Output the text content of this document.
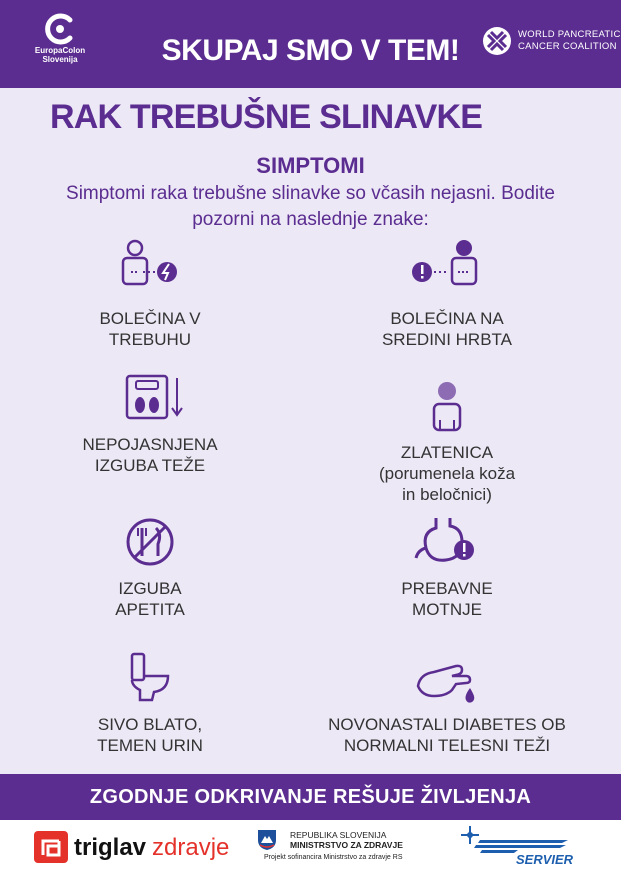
EuropaColon
Slovenija	SKUPAJ SMO V TEM!	WORLD PANCREATIC
CANCER COALITION
RAK TREBUŠNE SLINAVKE
SIMPTOMI
Simptomi raka trebušne slinavke so včasih nejasni. Bodite pozorni na naslednje znake:
BOLEČINA V
TREBUHU
BOLEČINA NA
SREDINI HRBTA
NEPOJASNJENA
IZGUBA TEŽE
ZLATENICA
(porumenela koža
in beločnici)
IZGUBA
APETITA
PREBAVNE
MOTNJE
SIVO BLATO,
TEMEN URIN
NOVONASTALI DIABETES OB
NORMALNI TELESNI TEŽI
ZGODNJE ODKRIVANJE REŠUJE ŽIVLJENJA
triglav zdravje	REPUBLIKA SLOVENIJA
MINISTRSTVO ZA ZDRAVJE
Projekt sofinancira Ministrstvo za zdravje RS	SERVIER
